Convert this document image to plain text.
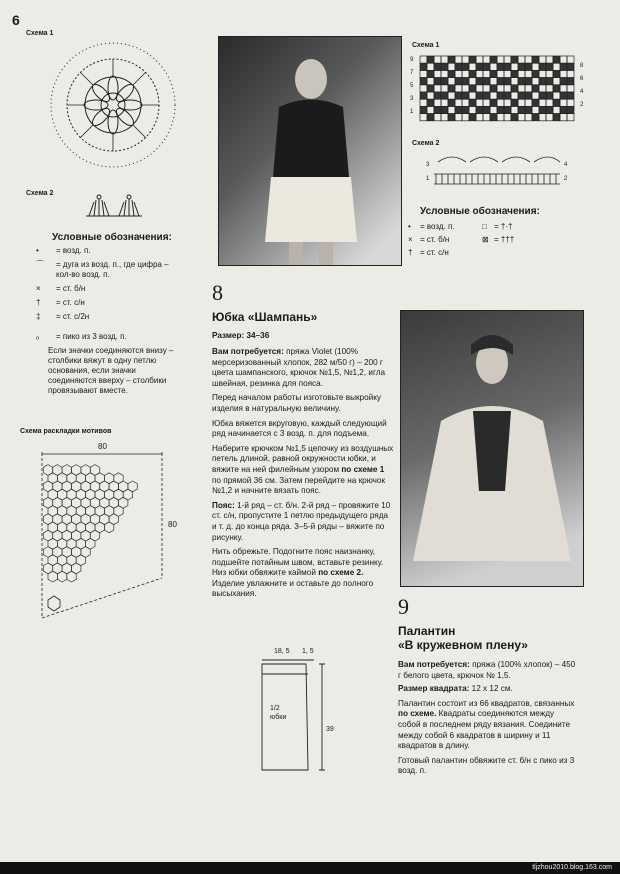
6
Схема 1
Схема 2
Условные обозначения:
• = возд. п.
⌒	= дуга из возд. п., где цифра – кол-во возд. п.
× = ст. б/н
† = ст. с/н
‡ = ст. с/2н
ₒ = пико из 3 возд. п.
Если значки соединяются внизу – столбики вяжут в одну петлю основания, если значки соединяются вверху – столбики провязывают вместе.
Схема раскладки мотивов
80
80
Схема 1
9
7
5
3
1
8
6
4
2
Схема 2
3
1
4
2
Условные обозначения:
• = возд. п.
× = ст. б/н
† = ст. с/н
□ = †·†
⊠ = †††
8
Юбка «Шампань»
Размер: 34–36
Вам потребуется: пряжа Violet (100% мерсеризованный хлопок, 282 м/50 г) – 200 г цвета шампанского, крючок №1,5, №1,2, игла швейная, резинка для пояса.
Перед началом работы изготовьте выкройку изделия в натуральную величину.
Юбка вяжется вкруговую, каждый следующий ряд начинается с 3 возд. п. для подъема.
Наберите крючком №1,5 цепочку из воздушных петель длиной, равной окружности юбки, и вяжите на ней филейным узором по схеме 1 по прямой 36 см. Затем перейдите на крючок №1,2 и начните вязать пояс.
Пояс: 1-й ряд – ст. б/н. 2-й ряд – провяжите 10 ст. с/н, пропустите 1 петлю предыдущего ряда и т. д. до конца ряда. 3–5-й ряды – вяжите по рисунку.
Нить обрежьте. Подогните пояс наизнанку, подшейте потайным швом, вставьте резинку. Низ юбки обвяжите каймой по схеме 2. Изделие увлажните и оставьте до полного высыхания.
18, 5 1, 5
39
1/2
юбки
9
Палантин
«В кружевном плену»
Вам потребуется: пряжа (100% хлопок) – 450 г белого цвета, крючок № 1,5.
Размер квадрата: 12 х 12 см.
Палантин состоит из 66 квадратов, связанных по схеме. Квадраты соединяются между собой в последнем ряду вязания. Соедините между собой 6 квадратов в ширину и 11 квадратов в длину.
Готовый палантин обвяжите ст. б/н с пико из 3 возд. п.
tljzhou2010.blog.163.com
